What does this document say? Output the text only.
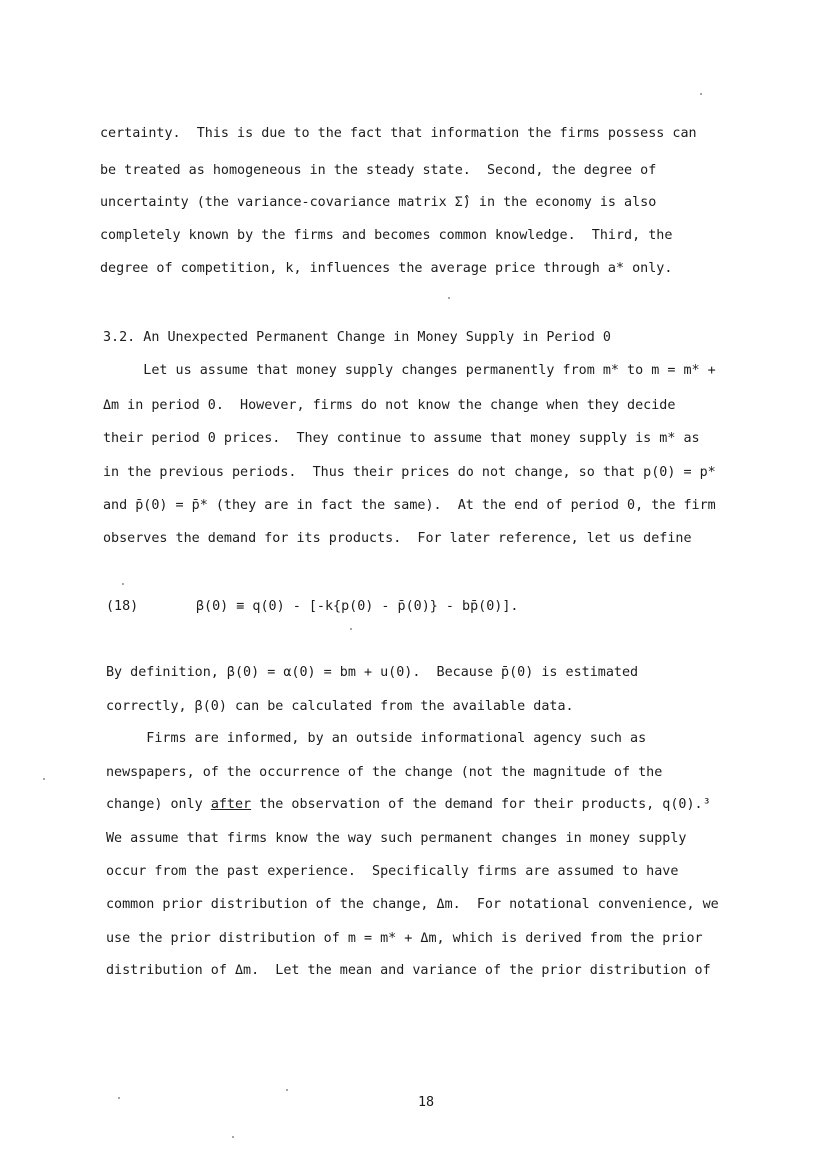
certainty.  This is due to the fact that information the firms possess can
be treated as homogeneous in the steady state.  Second, the degree of
uncertainty (the variance-covariance matrix Σ̂) in the economy is also
completely known by the firms and becomes common knowledge.  Third, the
degree of competition, k, influences the average price through a* only.
3.2. An Unexpected Permanent Change in Money Supply in Period 0
Let us assume that money supply changes permanently from m* to m = m* +
Δm in period 0.  However, firms do not know the change when they decide
their period 0 prices.  They continue to assume that money supply is m* as
in the previous periods.  Thus their prices do not change, so that p(0) = p*
and p̄(0) = p̄* (they are in fact the same).  At the end of period 0, the firm
observes the demand for its products.  For later reference, let us define
(18)	β(0) ≡ q(0) - [-k{p(0) - p̄(0)} - bp̄(0)].
By definition, β(0) = α(0) = bm + u(0).  Because p̄(0) is estimated
correctly, β(0) can be calculated from the available data.
Firms are informed, by an outside informational agency such as
newspapers, of the occurrence of the change (not the magnitude of the
change) only after the observation of the demand for their products, q(0).³
We assume that firms know the way such permanent changes in money supply
occur from the past experience.  Specifically firms are assumed to have
common prior distribution of the change, Δm.  For notational convenience, we
use the prior distribution of m = m* + Δm, which is derived from the prior
distribution of Δm.  Let the mean and variance of the prior distribution of
18
